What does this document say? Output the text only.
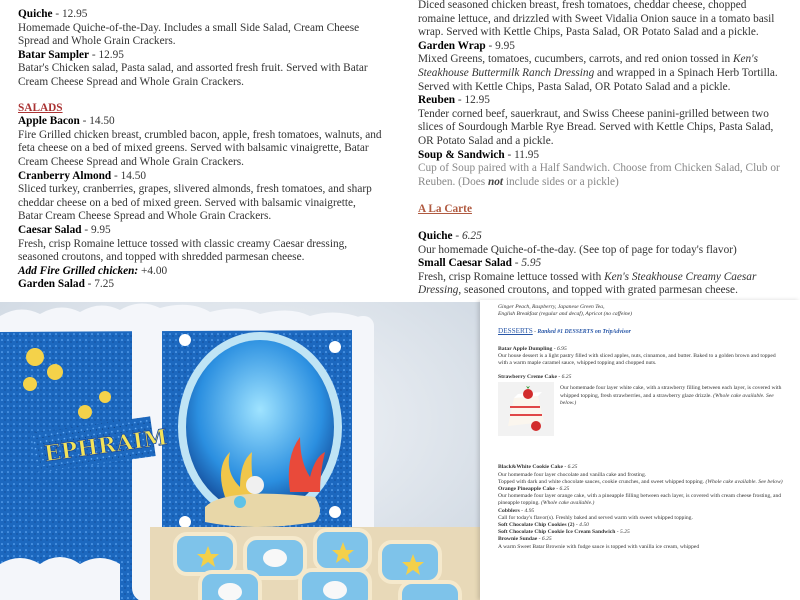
Quiche - 12.95

Homemade Quiche-of-the-Day. Includes a small Side Salad, Cream Cheese Spread and Whole Grain Crackers.

Batar Sampler - 12.95

Batar's Chicken salad, Pasta salad, and assorted fresh fruit. Served with Batar Cream Cheese Spread and Whole Grain Crackers.

SALADS

Apple Bacon - 14.50

Fire Grilled chicken breast, crumbled bacon, apple, fresh tomatoes, walnuts, and feta cheese on a bed of mixed greens. Served with balsamic vinaigrette, Batar Cream Cheese Spread and Whole Grain Crackers.

Cranberry Almond - 14.50

Sliced turkey, cranberries, grapes, slivered almonds, fresh tomatoes, and sharp cheddar cheese on a bed of mixed green. Served with balsamic vinaigrette, Batar Cream Cheese Spread and Whole Grain Crackers.

Caesar Salad - 9.95

Fresh, crisp Romaine lettuce tossed with classic creamy Caesar dressing, seasoned croutons, and topped with shredded parmesan cheese.

Add Fire Grilled chicken: +4.00

Garden Salad - 7.25

Diced seasoned chicken breast, fresh tomatoes, cheddar cheese, chopped romaine lettuce, and drizzled with Sweet Vidalia Onion sauce in a tomato basil wrap. Served with Kettle Chips, Pasta Salad, OR Potato Salad and a pickle.

Garden Wrap - 9.95

Mixed Greens, tomatoes, cucumbers, carrots, and red onion tossed in Ken's Steakhouse Buttermilk Ranch Dressing and wrapped in a Spinach Herb Tortilla. Served with Kettle Chips, Pasta Salad, OR Potato Salad and a pickle.

Reuben - 12.95

Tender corned beef, sauerkraut, and Swiss Cheese panini-grilled between two slices of Sourdough Marble Rye Bread. Served with Kettle Chips, Pasta Salad, OR Potato Salad and a pickle.

Soup & Sandwich - 11.95

Cup of Soup paired with a Half Sandwich. Choose from Chicken Salad, Club or Reuben. (Does not include sides or a pickle)

A La Carte

Quiche - 6.25

Our homemade Quiche-of-the-day. (See top of page for today's flavor)

Small Caesar Salad - 5.95

Fresh, crisp Romaine lettuce tossed with Ken's Steakhouse Creamy Caesar Dressing, seasoned croutons, and topped with grated parmesan cheese.

EPHRAIM

Ginger Peach, Raspberry, Japanese Green Tea,

English Breakfast (regular and decaf), Apricot (no caffeine)

DESSERTS - Ranked #1 DESSERTS on TripAdvisor

Batar Apple Dumpling - 6.95

Our house dessert is a light pastry filled with sliced apples, nuts, cinnamon, and butter. Baked to a golden brown and topped with a warm maple caramel sauce, whipped topping and chopped nuts.

Strawberry Creme Cake - 6.25

Our homemade four layer white cake, with a strawberry filling between each layer, is covered with whipped topping, fresh strawberries, and a strawberry glaze drizzle. (Whole cake available. See below.)

Black&White Cookie Cake - 6.25

Our homemade four layer chocolate and vanilla cake and frosting.

Topped with dark and white chocolate sauces, cookie crunches, and sweet whipped topping. (Whole cake available. See below)

Orange Pineapple Cake - 6.25

Our homemade four layer orange cake, with a pineapple filling between each layer, is covered with cream cheese frosting, and pineapple topping. (Whole cake available.)

Cobblers - 4.95

Call for today's flavor(s). Freshly baked and served warm with sweet whipped topping.

Soft Chocolate Chip Cookies (2) - 4.50

Soft Chocolate Chip Cookie Ice Cream Sandwich - 5.25

Brownie Sundae - 6.25

A warm Sweet Batar Brownie with fudge sauce is topped with vanilla ice cream, whipped
